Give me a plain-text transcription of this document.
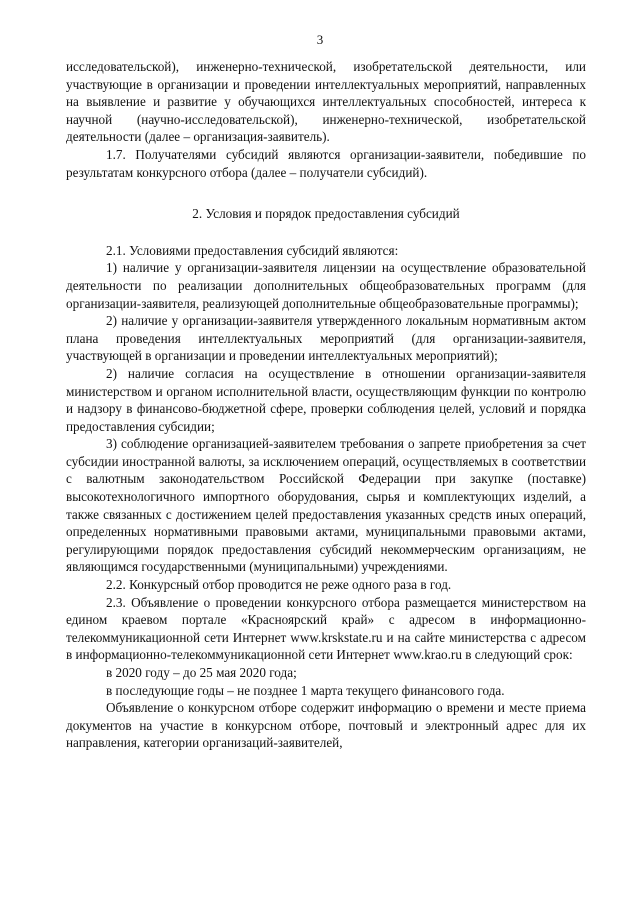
3

исследовательской), инженерно-технической, изобретательской деятельности, или участвующие в организации и проведении интеллектуальных мероприятий, направленных на выявление и развитие у обучающихся интеллектуальных способностей, интереса к научной (научно-исследовательской), инженерно-технической, изобретательской деятельности (далее – организация-заявитель).

1.7. Получателями субсидий являются организации-заявители, победившие по результатам конкурсного отбора (далее – получатели субсидий).

2. Условия и порядок предоставления субсидий

2.1. Условиями предоставления субсидий являются:

1) наличие у организации-заявителя лицензии на осуществление образовательной деятельности по реализации дополнительных общеобразовательных программ (для организации-заявителя, реализующей дополнительные общеобразовательные программы);

2) наличие у организации-заявителя утвержденного локальным нормативным актом плана проведения интеллектуальных мероприятий (для организации-заявителя, участвующей в организации и проведении интеллектуальных мероприятий);

2) наличие согласия на осуществление в отношении организации-заявителя министерством и органом исполнительной власти, осуществляющим функции по контролю и надзору в финансово-бюджетной сфере, проверки соблюдения целей, условий и порядка предоставления субсидии;

3) соблюдение организацией-заявителем требования о запрете приобретения за счет субсидии иностранной валюты, за исключением операций, осуществляемых в соответствии с валютным законодательством Российской Федерации при закупке (поставке) высокотехнологичного импортного оборудования, сырья и комплектующих изделий, а также связанных с достижением целей предоставления указанных средств иных операций, определенных нормативными правовыми актами, муниципальными правовыми актами, регулирующими порядок предоставления субсидий некоммерческим организациям, не являющимся государственными (муниципальными) учреждениями.

2.2. Конкурсный отбор проводится не реже одного раза в год.

2.3. Объявление о проведении конкурсного отбора размещается министерством на едином краевом портале «Красноярский край» с адресом в информационно-телекоммуникационной сети Интернет www.krskstate.ru и на сайте министерства с адресом в информационно-телекоммуникационной сети Интернет www.krao.ru в следующий срок:

в 2020 году – до 25 мая 2020 года;

в последующие годы – не позднее 1 марта текущего финансового года.

Объявление о конкурсном отборе содержит информацию о времени и месте приема документов на участие в конкурсном отборе, почтовый и электронный адрес для их направления, категории организаций-заявителей,
